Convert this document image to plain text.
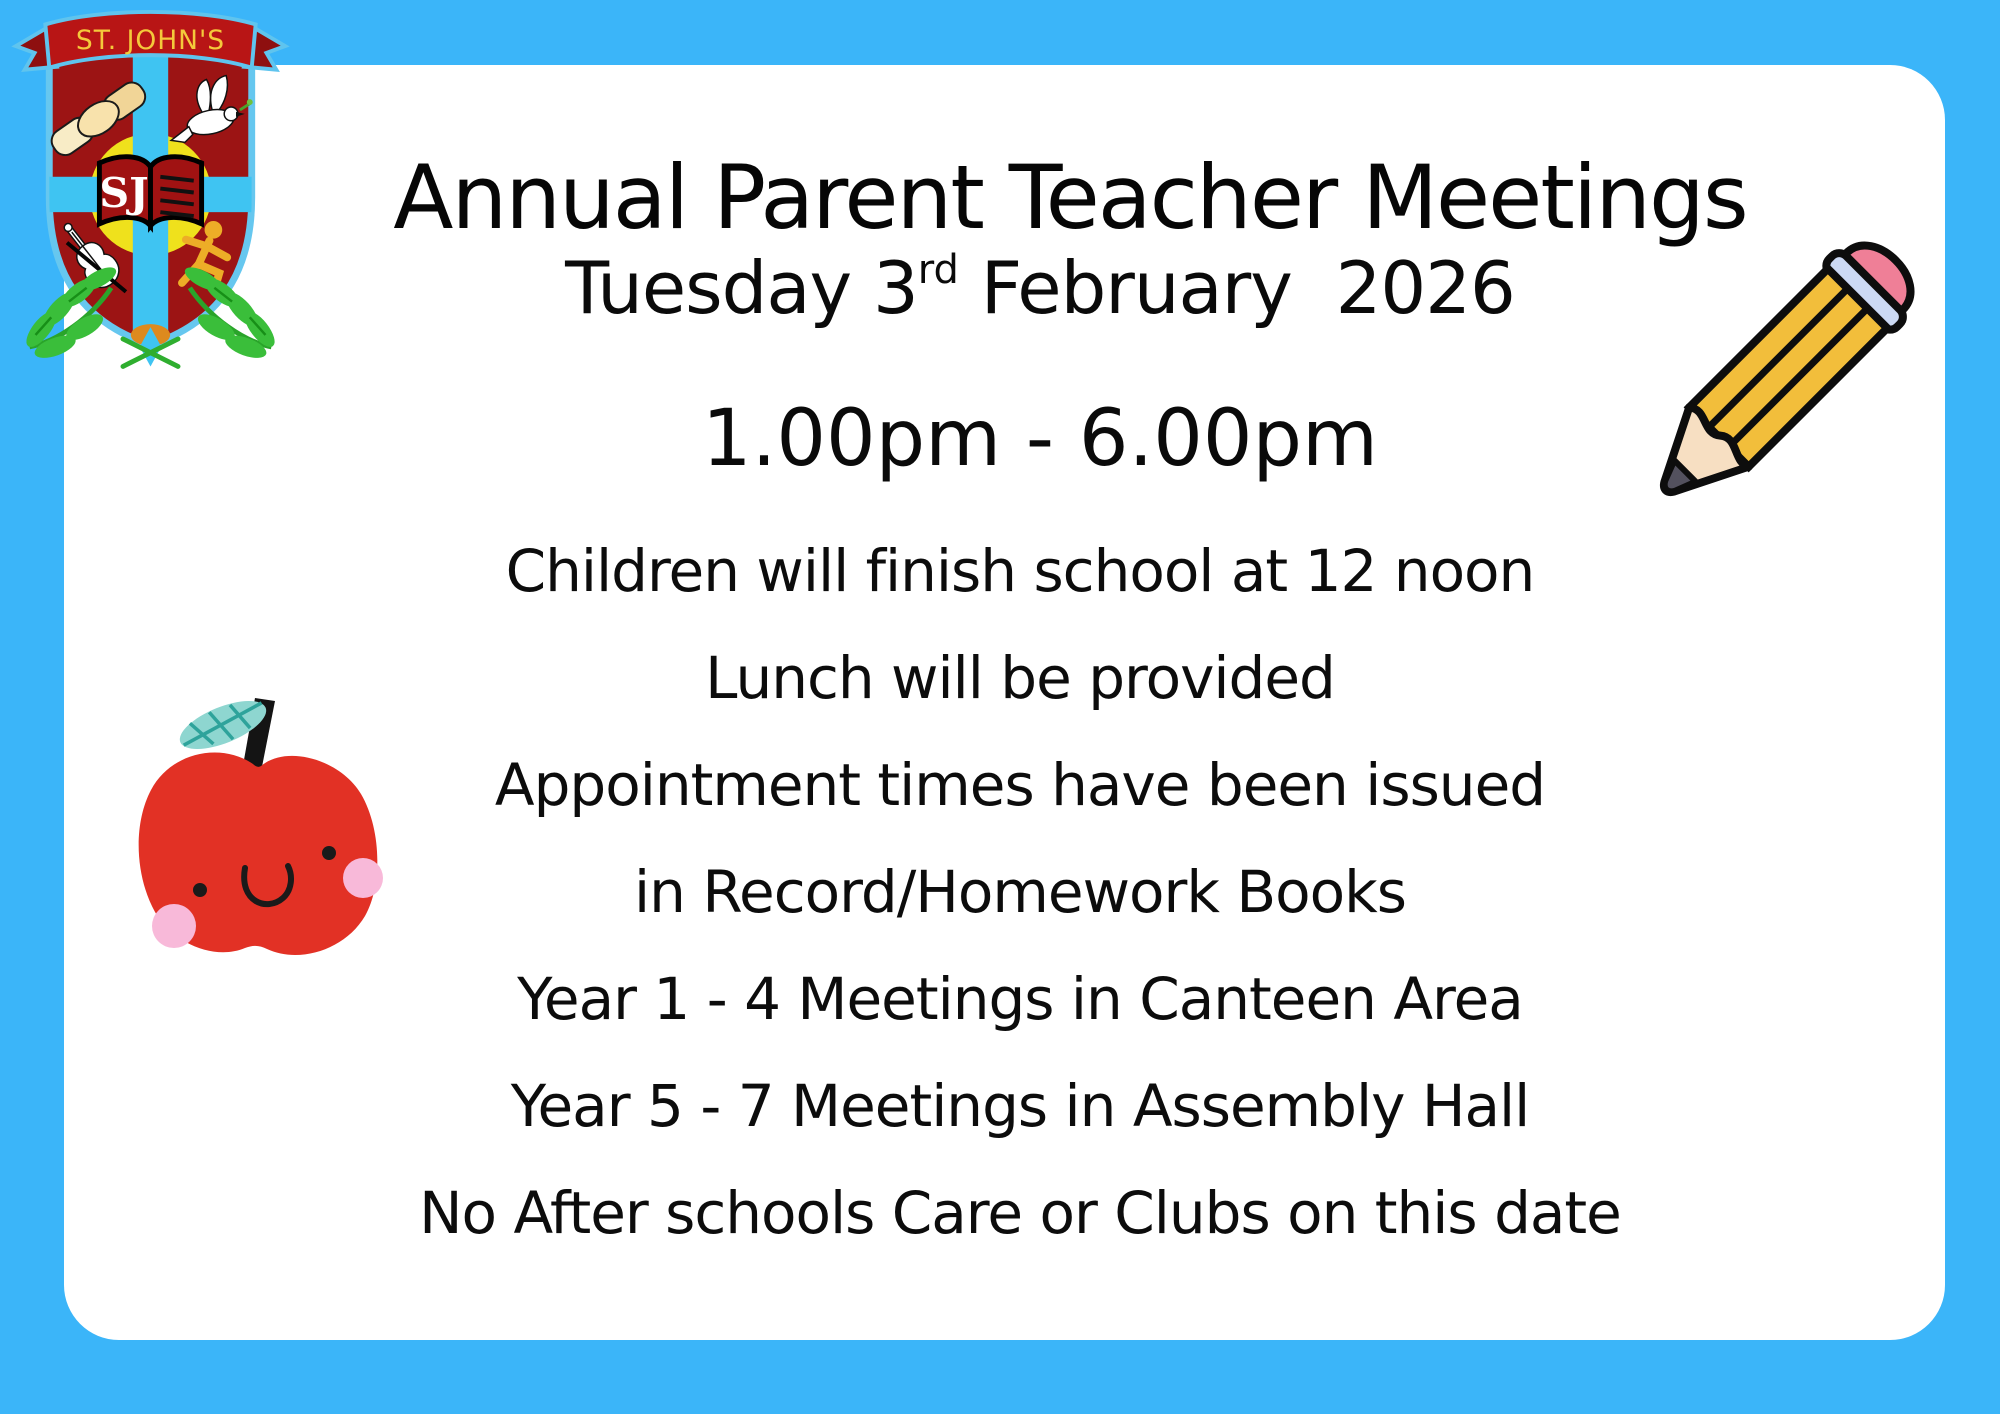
SJ
ST. JOHN'S
Annual Parent Teacher Meetings
Tuesday 3rd February  2026
1.00pm - 6.00pm

Children will finish school at 12 noon

Lunch will be provided

Appointment times have been issued

in Record/Homework Books

Year 1 - 4 Meetings in Canteen Area

Year 5 - 7 Meetings in Assembly Hall

No After schools Care or Clubs on this date
